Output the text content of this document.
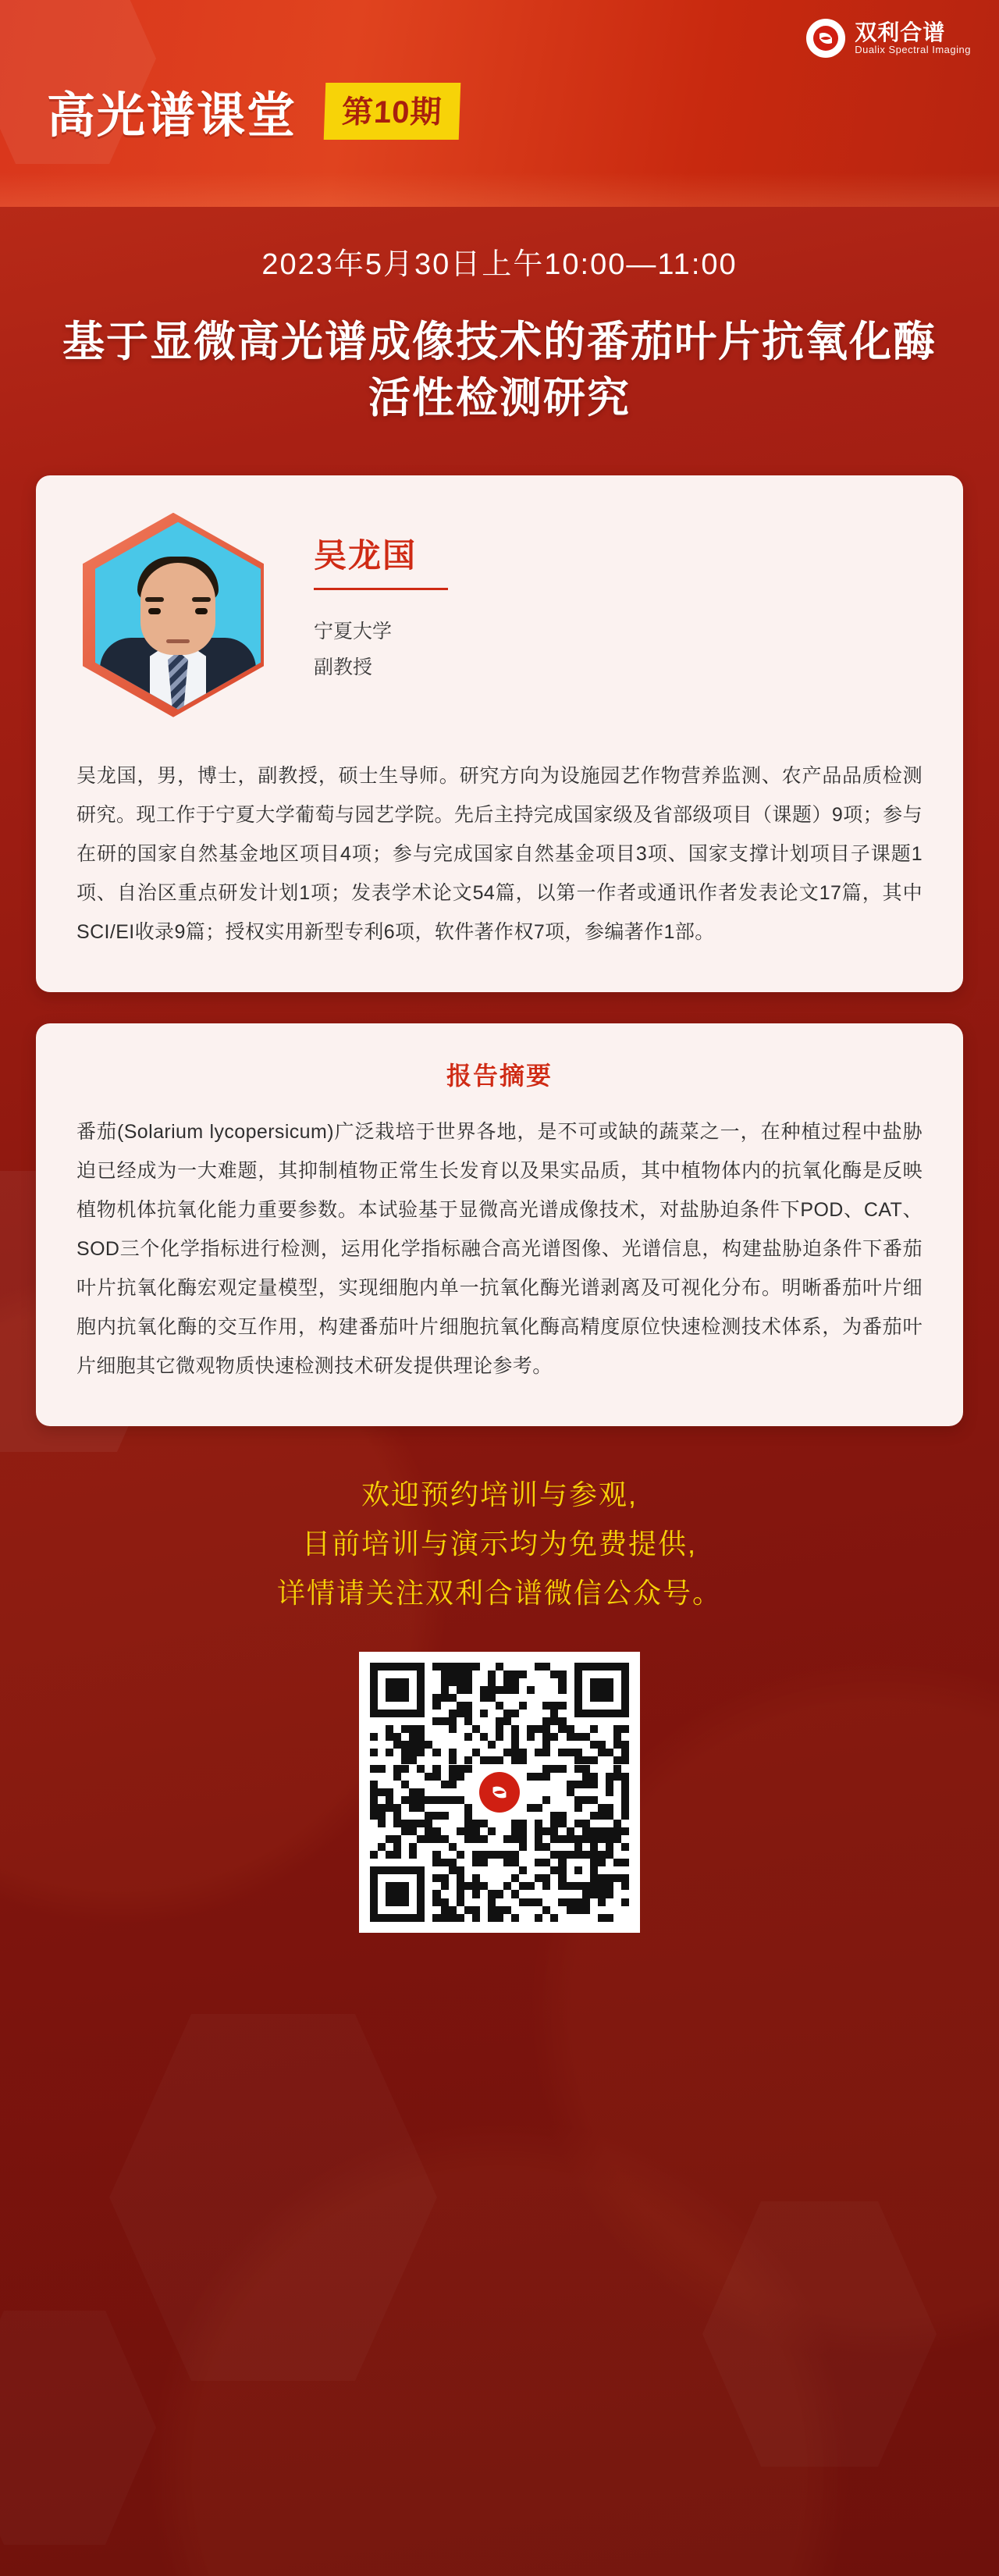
双利合谱
Dualix Spectral Imaging
高光谱课堂	第10期
2023年5月30日上午10:00—11:00
基于显微高光谱成像技术的番茄叶片抗氧化酶活性检测研究
吴龙国
宁夏大学
副教授
吴龙国，男，博士，副教授，硕士生导师。研究方向为设施园艺作物营养监测、农产品品质检测研究。现工作于宁夏大学葡萄与园艺学院。先后主持完成国家级及省部级项目（课题）9项；参与在研的国家自然基金地区项目4项；参与完成国家自然基金项目3项、国家支撑计划项目子课题1项、自治区重点研发计划1项；发表学术论文54篇，以第一作者或通讯作者发表论文17篇，其中SCI/EI收录9篇；授权实用新型专利6项，软件著作权7项，参编著作1部。
报告摘要
番茄(Solarium lycopersicum)广泛栽培于世界各地，是不可或缺的蔬菜之一，在种植过程中盐胁迫已经成为一大难题，其抑制植物正常生长发育以及果实品质，其中植物体内的抗氧化酶是反映植物机体抗氧化能力重要参数。本试验基于显微高光谱成像技术，对盐胁迫条件下POD、CAT、SOD三个化学指标进行检测，运用化学指标融合高光谱图像、光谱信息，构建盐胁迫条件下番茄叶片抗氧化酶宏观定量模型，实现细胞内单一抗氧化酶光谱剥离及可视化分布。明晰番茄叶片细胞内抗氧化酶的交互作用，构建番茄叶片细胞抗氧化酶高精度原位快速检测技术体系，为番茄叶片细胞其它微观物质快速检测技术研发提供理论参考。
欢迎预约培训与参观,
目前培训与演示均为免费提供,
详情请关注双利合谱微信公众号。
